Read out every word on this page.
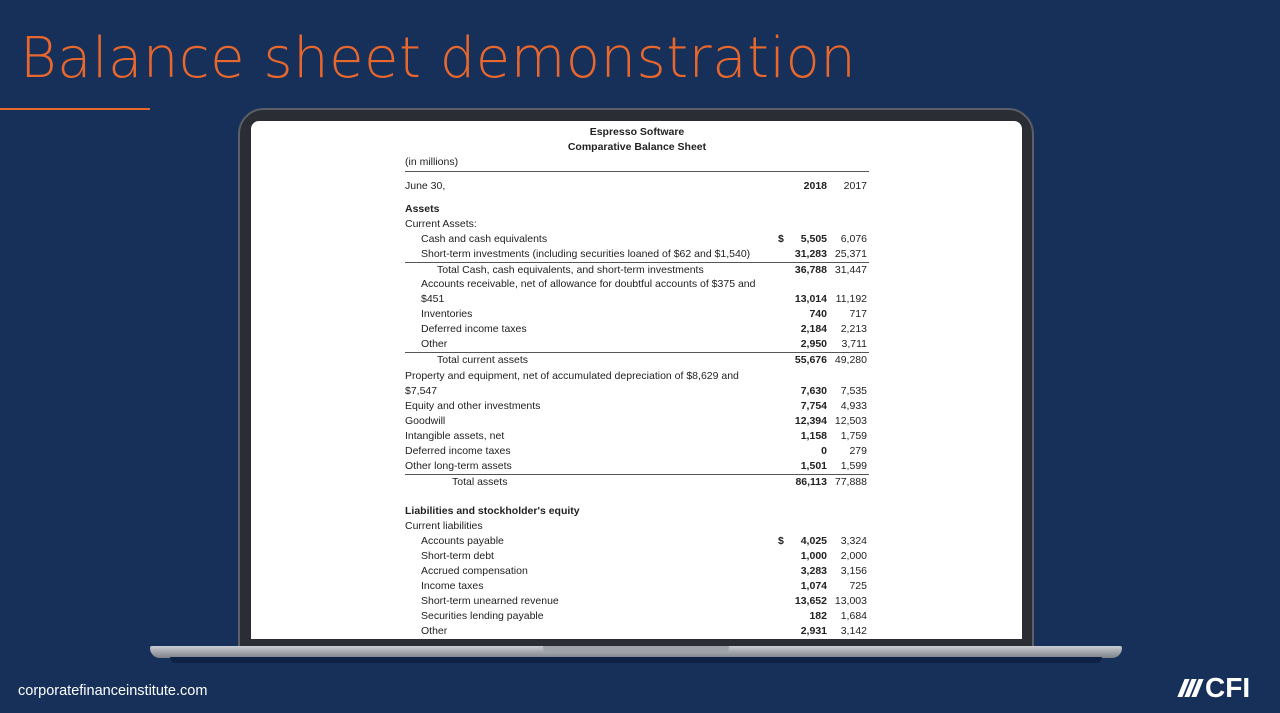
Balance sheet demonstration
Espresso Software
Comparative Balance Sheet
(in millions)
June 30,	2018 2017
Assets
Current Assets:
Cash and cash equivalents	$ 5,505 6,076
Short-term investments (including securities loaned of $62 and $1,540)	31,283 25,371
Total Cash, cash equivalents, and short-term investments	36,788 31,447
Accounts receivable, net of allowance for doubtful accounts of $375 and
$451	13,014 11,192
Inventories	740 717
Deferred income taxes	2,184 2,213
Other	2,950 3,711
Total current assets	55,676 49,280
Property and equipment, net of accumulated depreciation of $8,629 and
$7,547	7,630 7,535
Equity and other investments	7,754 4,933
Goodwill	12,394 12,503
Intangible assets, net	1,158 1,759
Deferred income taxes	0 279
Other long-term assets	1,501 1,599
Total assets	86,113 77,888
Liabilities and stockholder's equity
Current liabilities
Accounts payable	$ 4,025 3,324
Short-term debt	1,000 2,000
Accrued compensation	3,283 3,156
Income taxes	1,074 725
Short-term unearned revenue	13,652 13,003
Securities lending payable	182 1,684
Other	2,931 3,142
corporatefinanceinstitute.com	CFI
